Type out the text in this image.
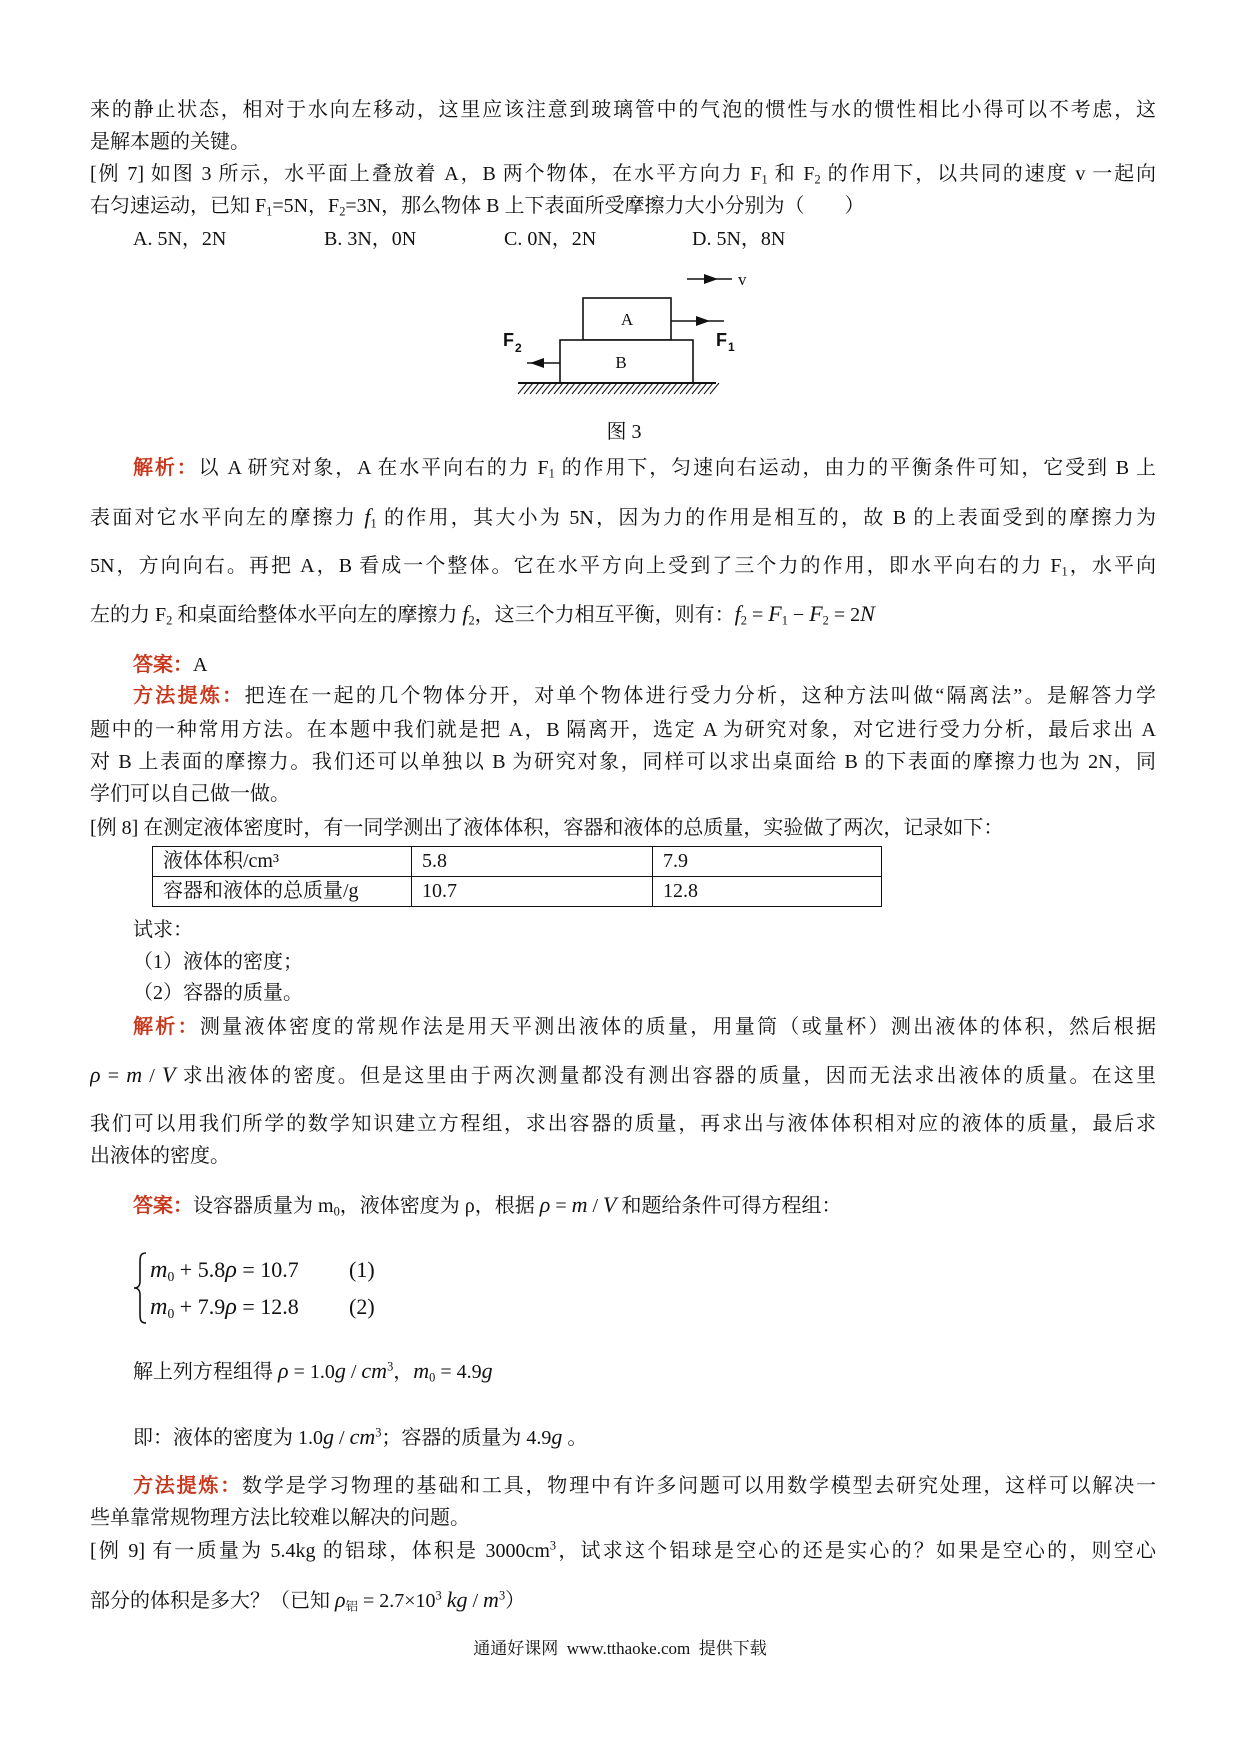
来的静止状态，相对于水向左移动，这里应该注意到玻璃管中的气泡的惯性与水的惯性相比小得可以不考虑，这
是解本题的关键。
[例 7] 如图 3 所示，水平面上叠放着 A，B 两个物体，在水平方向力 F1 和 F2 的作用下，以共同的速度 v 一起向
右匀速运动，已知 F1=5N，F2=3N，那么物体 B 上下表面所受摩擦力大小分别为（　　）
解析：以 A 研究对象，A 在水平向右的力 F1 的作用下，匀速向右运动，由力的平衡条件可知，它受到 B 上
表面对它水平向左的摩擦力 f1 的作用，其大小为 5N，因为力的作用是相互的，故 B 的上表面受到的摩擦力为
5N，方向向右。再把 A，B 看成一个整体。它在水平方向上受到了三个力的作用，即水平向右的力 F1，水平向
左的力 F2 和桌面给整体水平向左的摩擦力 f2，这三个力相互平衡，则有：f2 = F1 − F2 = 2N
答案：A
方法提炼：把连在一起的几个物体分开，对单个物体进行受力分析，这种方法叫做“隔离法”。是解答力学
题中的一种常用方法。在本题中我们就是把 A，B 隔离开，选定 A 为研究对象，对它进行受力分析，最后求出 A
对 B 上表面的摩擦力。我们还可以单独以 B 为研究对象，同样可以求出桌面给 B 的下表面的摩擦力也为 2N，同
学们可以自己做一做。
[例 8] 在测定液体密度时，有一同学测出了液体体积，容器和液体的总质量，实验做了两次，记录如下：
试求：
（1）液体的密度；
（2）容器的质量。
解析：测量液体密度的常规作法是用天平测出液体的质量，用量筒（或量杯）测出液体的体积，然后根据
ρ = m / V 求出液体的密度。但是这里由于两次测量都没有测出容器的质量，因而无法求出液体的质量。在这里
我们可以用我们所学的数学知识建立方程组，求出容器的质量，再求出与液体体积相对应的液体的质量，最后求
出液体的密度。
答案：设容器质量为 m0，液体密度为 ρ，根据 ρ = m / V 和题给条件可得方程组：
解上列方程组得 $\rho = 1.0g / cm^3$，m0 = 4.9g
即：液体的密度为 $1.0g / cm^3$；容器的质量为 4.9g 。
方法提炼：数学是学习物理的基础和工具，物理中有许多问题可以用数学模型去研究处理，这样可以解决一
些单靠常规物理方法比较难以解决的问题。
[例 9] 有一质量为 5.4kg 的铝球，体积是 $3000cm^3$，试求这个铝球是空心的还是实心的？如果是空心的，则空心
部分的体积是多大？（已知 ρ铝 = $2.7\times 10^3$ kg / $m^3$）
A. 5N，2N	B. 3N，0N	C. 0N，2N	D. 5N，8N
v
A
B
F 1
F 2
图 3
液体体积/cm³	5.8	7.9
容器和液体的总质量/g	10.7	12.8
m0 + 5.8ρ = 10.7 (1)
m0 + 7.9ρ = 12.8 (2)
通通好课网  www.tthaoke.com  提供下载
